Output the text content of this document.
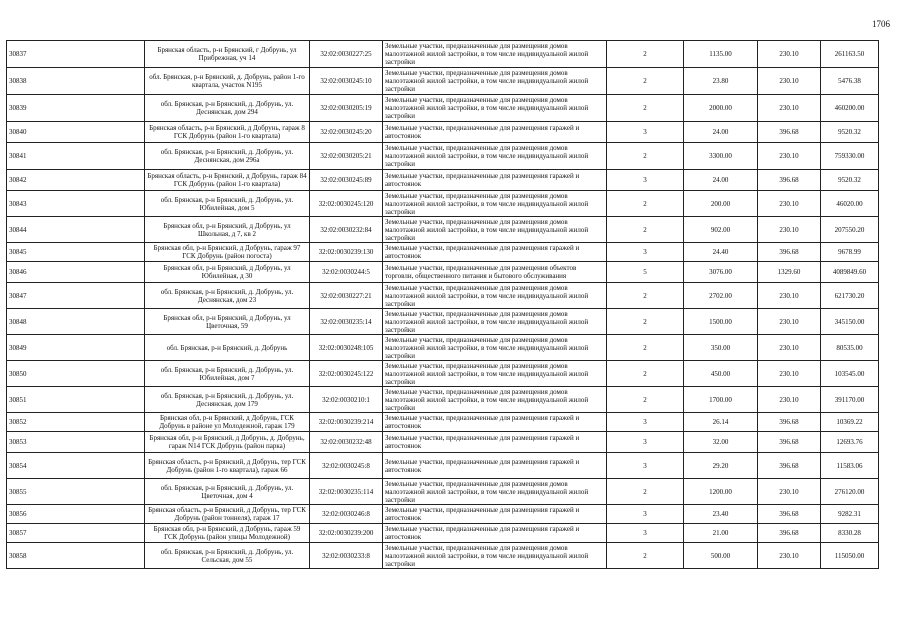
1706
30837	Брянская область, р-н Брянский, г Добрунь, ул Прибрежная, уч 14	32:02:0030227:25	Земельные участки, предназначенные для размещения домов малоэтажной жилой застройки, в том числе индивидуальной жилой застройки	2	1135.00	230.10	261163.50
30838	обл. Брянская, р-н Брянский, д. Добрунь, район 1-го квартала, участок N195	32:02:0030245:10	Земельные участки, предназначенные для размещения домов малоэтажной жилой застройки, в том числе индивидуальной жилой застройки	2	23.80	230.10	5476.38
30839	обл. Брянская, р-н Брянский, д. Добрунь, ул. Деснянская, дом 294	32:02:0030205:19	Земельные участки, предназначенные для размещения домов малоэтажной жилой застройки, в том числе индивидуальной жилой застройки	2	2000.00	230.10	460200.00
30840	Брянская область, р-н Брянский, д Добрунь, гараж 8 ГСК Добрунь (район 1-го квартала)	32:02:0030245:20	Земельные участки, предназначенные для размещения гаражей и автостоянок	3	24.00	396.68	9520.32
30841	обл. Брянская, р-н Брянский, д. Добрунь, ул. Деснянская, дом 296а	32:02:0030205:21	Земельные участки, предназначенные для размещения домов малоэтажной жилой застройки, в том числе индивидуальной жилой застройки	2	3300.00	230.10	759330.00
30842	Брянская область, р-н Брянский, д Добрунь, гараж 84 ГСК Добрунь (район 1-го квартала)	32:02:0030245:89	Земельные участки, предназначенные для размещения гаражей и автостоянок	3	24.00	396.68	9520.32
30843	обл. Брянская, р-н Брянский, д. Добрунь, ул. Юбилейная, дом 5	32:02:0030245:120	Земельные участки, предназначенные для размещения домов малоэтажной жилой застройки, в том числе индивидуальной жилой застройки	2	200.00	230.10	46020.00
30844	Брянская обл, р-н Брянский, д Добрунь, ул Школьная, д 7, кв 2	32:02:0030232:84	Земельные участки, предназначенные для размещения домов малоэтажной жилой застройки, в том числе индивидуальной жилой застройки	2	902.00	230.10	207550.20
30845	Брянская обл, р-н Брянский, д Добрунь, гараж 97 ГСК Добрунь (район погоста)	32:02:0030239:130	Земельные участки, предназначенные для размещения гаражей и автостоянок	3	24.40	396.68	9678.99
30846	Брянская обл, р-н Брянский, д Добрунь, ул Юбилейная, д 30	32:02:0030244:5	Земельные участки, предназначенные для размещения объектов торговли, общественного питания и бытового обслуживания	5	3076.00	1329.60	4089849.60
30847	обл. Брянская, р-н Брянский, д. Добрунь, ул. Деснянская, дом 23	32:02:0030227:21	Земельные участки, предназначенные для размещения домов малоэтажной жилой застройки, в том числе индивидуальной жилой застройки	2	2702.00	230.10	621730.20
30848	Брянская обл, р-н Брянский, д Добрунь, ул Цветочная, 59	32:02:0030235:14	Земельные участки, предназначенные для размещения домов малоэтажной жилой застройки, в том числе индивидуальной жилой застройки	2	1500.00	230.10	345150.00
30849	обл. Брянская, р-н Брянский, д. Добрунь	32:02:0030248:105	Земельные участки, предназначенные для размещения домов малоэтажной жилой застройки, в том числе индивидуальной жилой застройки	2	350.00	230.10	80535.00
30850	обл. Брянская, р-н Брянский, д. Добрунь, ул. Юбилейная, дом 7	32:02:0030245:122	Земельные участки, предназначенные для размещения домов малоэтажной жилой застройки, в том числе индивидуальной жилой застройки	2	450.00	230.10	103545.00
30851	обл. Брянская, р-н Брянский, д. Добрунь, ул. Деснянская, дом 179	32:02:0030210:1	Земельные участки, предназначенные для размещения домов малоэтажной жилой застройки, в том числе индивидуальной жилой застройки	2	1700.00	230.10	391170.00
30852	Брянская обл, р-н Брянский, д Добрунь, ГСК Добрунь в районе ул Молодежной, гараж 179	32:02:0030239:214	Земельные участки, предназначенные для размещения гаражей и автостоянок	3	26.14	396.68	10369.22
30853	Брянская обл, р-н Брянский, д Добрунь, д. Добрунь, гараж N14 ГСК Добрунь (район парка)	32:02:0030232:48	Земельные участки, предназначенные для размещения гаражей и автостоянок	3	32.00	396.68	12693.76
30854	Брянская область, р-н Брянский, д Добрунь, тер ГСК Добрунь (район 1-го квартала), гараж 66	32:02:0030245:8	Земельные участки, предназначенные для размещения гаражей и автостоянок	3	29.20	396.68	11583.06
30855	обл. Брянская, р-н Брянский, д. Добрунь, ул. Цветочная, дом 4	32:02:0030235:114	Земельные участки, предназначенные для размещения домов малоэтажной жилой застройки, в том числе индивидуальной жилой застройки	2	1200.00	230.10	276120.00
30856	Брянская область, р-н Брянский, д Добрунь, тер ГСК Добрунь (район тоннеля), гараж 17	32:02:0030246:8	Земельные участки, предназначенные для размещения гаражей и автостоянок	3	23.40	396.68	9282.31
30857	Брянская обл, р-н Брянский, д Добрунь, гараж 59 ГСК Добрунь (район улицы Молодежной)	32:02:0030239:200	Земельные участки, предназначенные для размещения гаражей и автостоянок	3	21.00	396.68	8330.28
30858	обл. Брянская, р-н Брянский, д. Добрунь, ул. Сельская, дом 55	32:02:0030233:8	Земельные участки, предназначенные для размещения домов малоэтажной жилой застройки, в том числе индивидуальной жилой застройки	2	500.00	230.10	115050.00
